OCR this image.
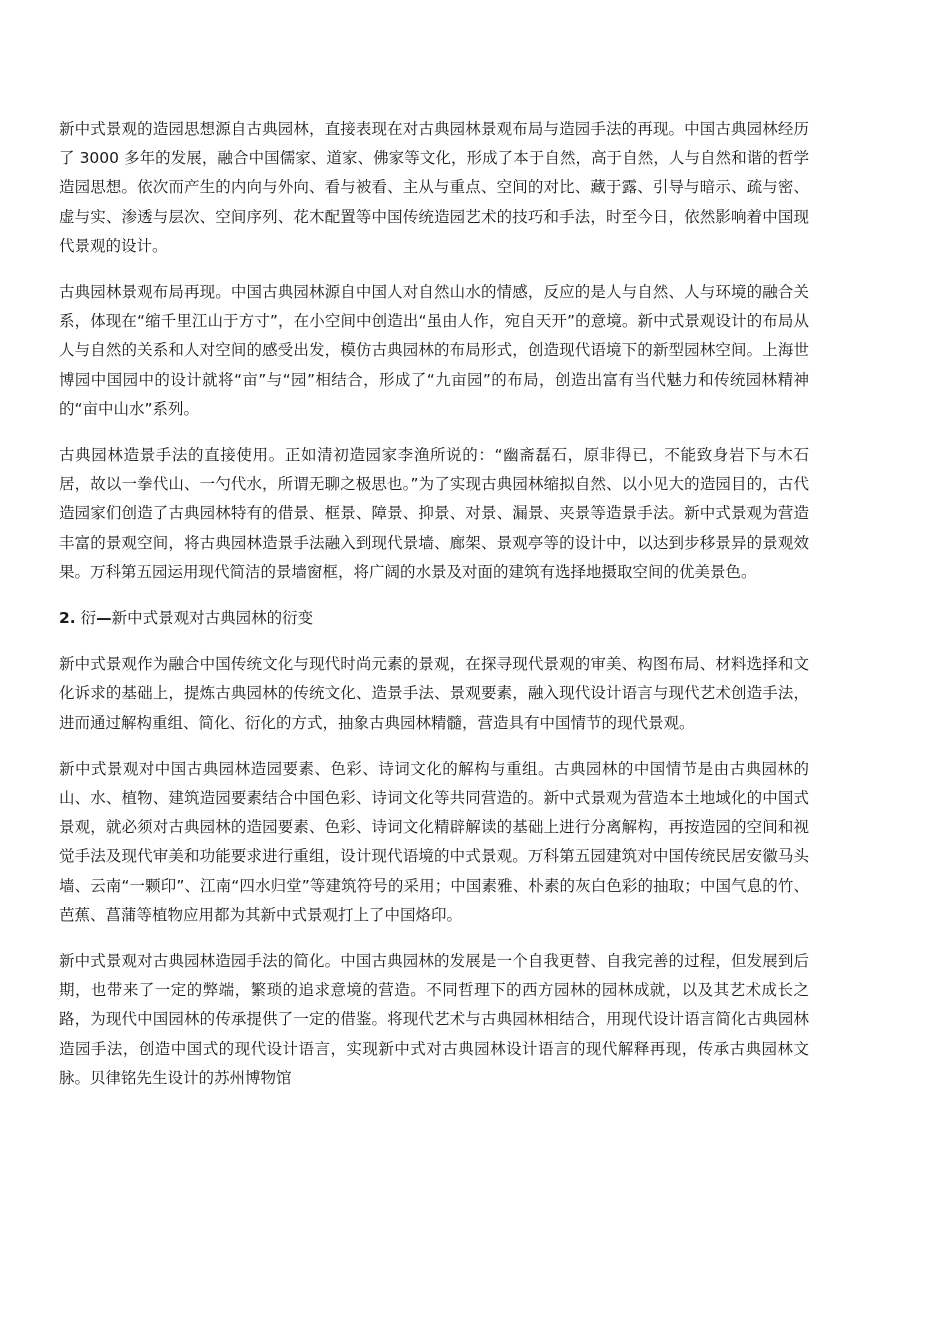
新中式景观的造园思想源自古典园林，直接表现在对古典园林景观布局与造园手法的再现。中国古典园林经历了 3000 多年的发展，融合中国儒家、道家、佛家等文化，形成了本于自然，高于自然，人与自然和谐的哲学造园思想。依次而产生的内向与外向、看与被看、主从与重点、空间的对比、藏于露、引导与暗示、疏与密、虚与实、渗透与层次、空间序列、花木配置等中国传统造园艺术的技巧和手法，时至今日，依然影响着中国现代景观的设计。

古典园林景观布局再现。中国古典园林源自中国人对自然山水的情感，反应的是人与自然、人与环境的融合关系，体现在“缩千里江山于方寸”，在小空间中创造出“虽由人作，宛自天开”的意境。新中式景观设计的布局从人与自然的关系和人对空间的感受出发，模仿古典园林的布局形式，创造现代语境下的新型园林空间。上海世博园中国园中的设计就将“亩”与“园”相结合，形成了“九亩园”的布局，创造出富有当代魅力和传统园林精神的“亩中山水”系列。

古典园林造景手法的直接使用。正如清初造园家李渔所说的：“幽斋磊石，原非得已，不能致身岩下与木石居，故以一拳代山、一勺代水，所谓无聊之极思也。”为了实现古典园林缩拟自然、以小见大的造园目的，古代造园家们创造了古典园林特有的借景、框景、障景、抑景、对景、漏景、夹景等造景手法。新中式景观为营造丰富的景观空间，将古典园林造景手法融入到现代景墙、廊架、景观亭等的设计中，以达到步移景异的景观效果。万科第五园运用现代简洁的景墙窗框，将广阔的水景及对面的建筑有选择地摄取空间的优美景色。

2. 衍—新中式景观对古典园林的衍变

新中式景观作为融合中国传统文化与现代时尚元素的景观，在探寻现代景观的审美、构图布局、材料选择和文化诉求的基础上，提炼古典园林的传统文化、造景手法、景观要素，融入现代设计语言与现代艺术创造手法，进而通过解构重组、简化、衍化的方式，抽象古典园林精髓，营造具有中国情节的现代景观。

新中式景观对中国古典园林造园要素、色彩、诗词文化的解构与重组。古典园林的中国情节是由古典园林的山、水、植物、建筑造园要素结合中国色彩、诗词文化等共同营造的。新中式景观为营造本土地域化的中国式景观，就必须对古典园林的造园要素、色彩、诗词文化精辟解读的基础上进行分离解构，再按造园的空间和视觉手法及现代审美和功能要求进行重组，设计现代语境的中式景观。万科第五园建筑对中国传统民居安徽马头墙、云南“一颗印”、江南“四水归堂”等建筑符号的采用；中国素雅、朴素的灰白色彩的抽取；中国气息的竹、芭蕉、菖蒲等植物应用都为其新中式景观打上了中国烙印。

新中式景观对古典园林造园手法的简化。中国古典园林的发展是一个自我更替、自我完善的过程，但发展到后期，也带来了一定的弊端，繁琐的追求意境的营造。不同哲理下的西方园林的园林成就，以及其艺术成长之路，为现代中国园林的传承提供了一定的借鉴。将现代艺术与古典园林相结合，用现代设计语言简化古典园林造园手法，创造中国式的现代设计语言，实现新中式对古典园林设计语言的现代解释再现，传承古典园林文脉。贝律铭先生设计的苏州博物馆
